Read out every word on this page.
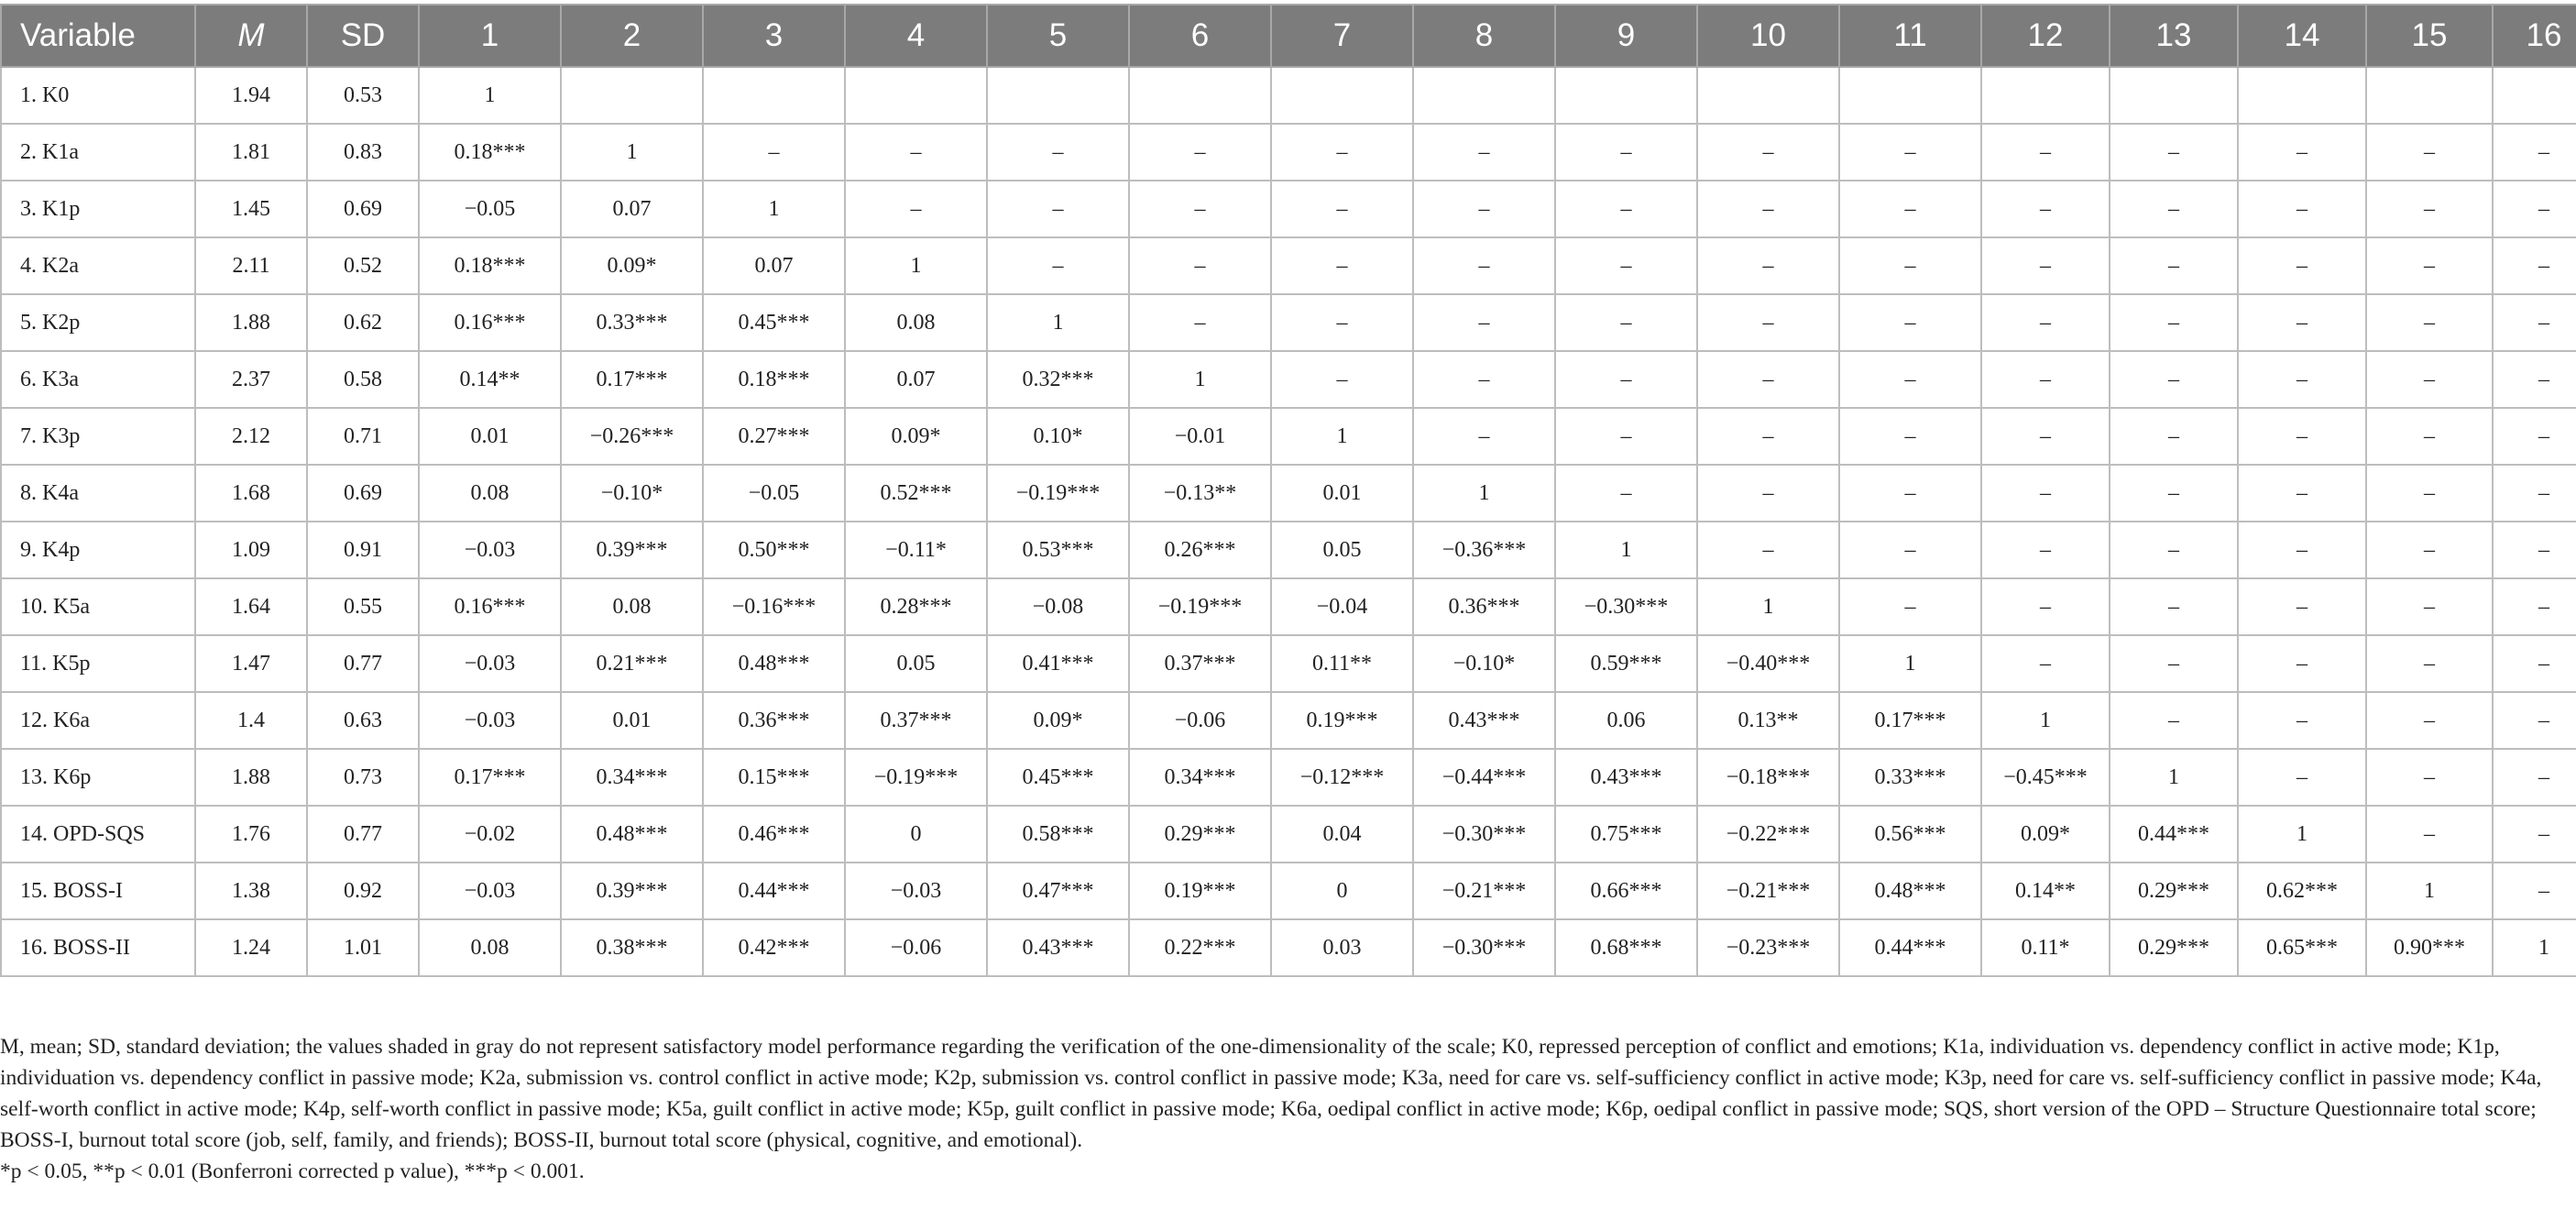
Variable	M	SD	1	2	3	4	5	6	7	8	9	10	11	12	13	14	15	16
1. K0	1.94	0.53	1															
2. K1a	1.81	0.83	0.18***	1	–	–	–	–	–	–	–	–	–	–	–	–	–	–
3. K1p	1.45	0.69	−0.05	0.07	1	–	–	–	–	–	–	–	–	–	–	–	–	–
4. K2a	2.11	0.52	0.18***	0.09*	0.07	1	–	–	–	–	–	–	–	–	–	–	–	–
5. K2p	1.88	0.62	0.16***	0.33***	0.45***	0.08	1	–	–	–	–	–	–	–	–	–	–	–
6. K3a	2.37	0.58	0.14**	0.17***	0.18***	0.07	0.32***	1	–	–	–	–	–	–	–	–	–	–
7. K3p	2.12	0.71	0.01	−0.26***	0.27***	0.09*	0.10*	−0.01	1	–	–	–	–	–	–	–	–	–
8. K4a	1.68	0.69	0.08	−0.10*	−0.05	0.52***	−0.19***	−0.13**	0.01	1	–	–	–	–	–	–	–	–
9. K4p	1.09	0.91	−0.03	0.39***	0.50***	−0.11*	0.53***	0.26***	0.05	−0.36***	1	–	–	–	–	–	–	–
10. K5a	1.64	0.55	0.16***	0.08	−0.16***	0.28***	−0.08	−0.19***	−0.04	0.36***	−0.30***	1	–	–	–	–	–	–
11. K5p	1.47	0.77	−0.03	0.21***	0.48***	0.05	0.41***	0.37***	0.11**	−0.10*	0.59***	−0.40***	1	–	–	–	–	–
12. K6a	1.4	0.63	−0.03	0.01	0.36***	0.37***	0.09*	−0.06	0.19***	0.43***	0.06	0.13**	0.17***	1	–	–	–	–
13. K6p	1.88	0.73	0.17***	0.34***	0.15***	−0.19***	0.45***	0.34***	−0.12***	−0.44***	0.43***	−0.18***	0.33***	−0.45***	1	–	–	–
14. OPD-SQS	1.76	0.77	−0.02	0.48***	0.46***	0	0.58***	0.29***	0.04	−0.30***	0.75***	−0.22***	0.56***	0.09*	0.44***	1	–	–
15. BOSS-I	1.38	0.92	−0.03	0.39***	0.44***	−0.03	0.47***	0.19***	0	−0.21***	0.66***	−0.21***	0.48***	0.14**	0.29***	0.62***	1	–
16. BOSS-II	1.24	1.01	0.08	0.38***	0.42***	−0.06	0.43***	0.22***	0.03	−0.30***	0.68***	−0.23***	0.44***	0.11*	0.29***	0.65***	0.90***	1

M, mean; SD, standard deviation; the values shaded in gray do not represent satisfactory model performance regarding the verification of the one-dimensionality of the scale; K0, repressed perception of conflict and emotions; K1a, individuation vs. dependency conflict in active mode; K1p, individuation vs. dependency conflict in passive mode; K2a, submission vs. control conflict in active mode; K2p, submission vs. control conflict in passive mode; K3a, need for care vs. self-sufficiency conflict in active mode; K3p, need for care vs. self-sufficiency conflict in passive mode; K4a, self-worth conflict in active mode; K4p, self-worth conflict in passive mode; K5a, guilt conflict in active mode; K5p, guilt conflict in passive mode; K6a, oedipal conflict in active mode; K6p, oedipal conflict in passive mode; SQS, short version of the OPD – Structure Questionnaire total score; BOSS-I, burnout total score (job, self, family, and friends); BOSS-II, burnout total score (physical, cognitive, and emotional).

*p < 0.05, **p < 0.01 (Bonferroni corrected p value), ***p < 0.001.
